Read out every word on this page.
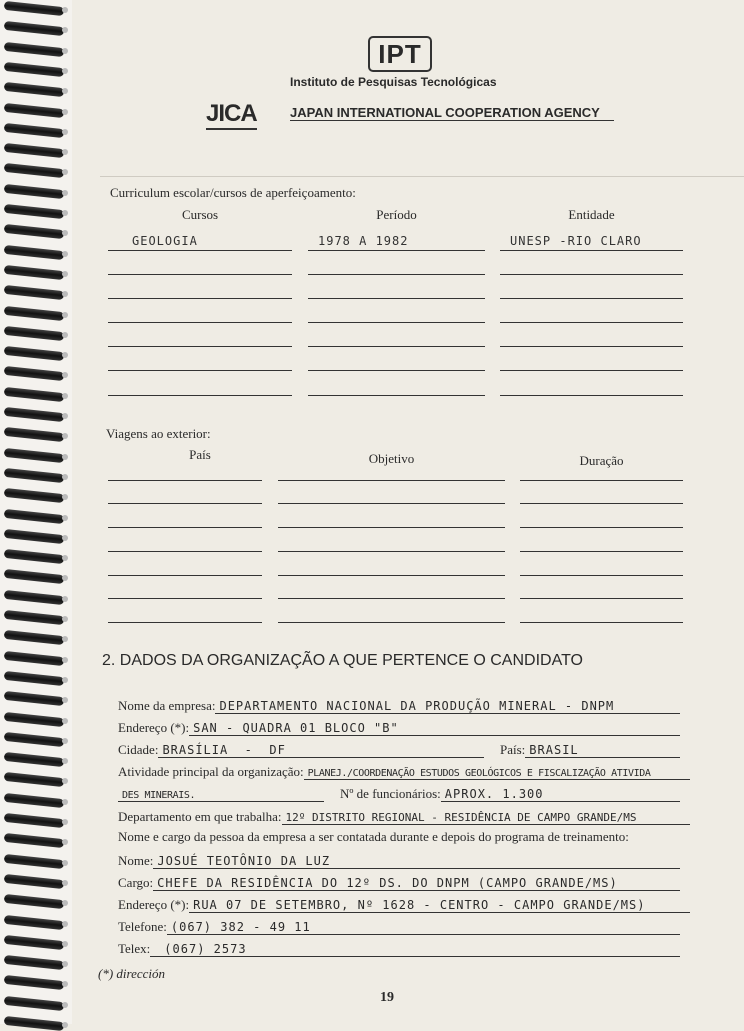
IPT
Instituto de Pesquisas Tecnológicas
JICA	JAPAN INTERNATIONAL COOPERATION AGENCY
Curriculum escolar/cursos de aperfeiçoamento:
Cursos	Período	Entidade
GEOLOGIA	1978 A 1982	UNESP -RIO CLARO
Viagens ao exterior:
País	Objetivo	Duração
2. DADOS DA ORGANIZAÇÃO A QUE PERTENCE O CANDIDATO
Nome da empresa: DEPARTAMENTO NACIONAL DA PRODUÇÃO MINERAL - DNPM
Endereço (*): SAN - QUADRA 01 BLOCO "B"
Cidade: BRASÍLIA  -  DF	País: BRASIL
Atividade principal da organização: PLANEJ./COORDENAÇÃO ESTUDOS GEOLÓGICOS E FISCALIZAÇÃO ATIVIDA
DES MINERAIS.	Nº de funcionários: APROX. 1.300
Departamento em que trabalha: 12º DISTRITO REGIONAL - RESIDÊNCIA DE CAMPO GRANDE/MS
Nome e cargo da pessoa da empresa a ser contatada durante e depois do programa de treinamento:
Nome: JOSUÉ TEOTÔNIO DA LUZ
Cargo: CHEFE DA RESIDÊNCIA DO 12º DS. DO DNPM (CAMPO GRANDE/MS)
Endereço (*): RUA 07 DE SETEMBRO, Nº 1628 - CENTRO - CAMPO GRANDE/MS)
Telefone: (067) 382 - 49 11
Telex:	(067) 2573
(*) dirección
19
